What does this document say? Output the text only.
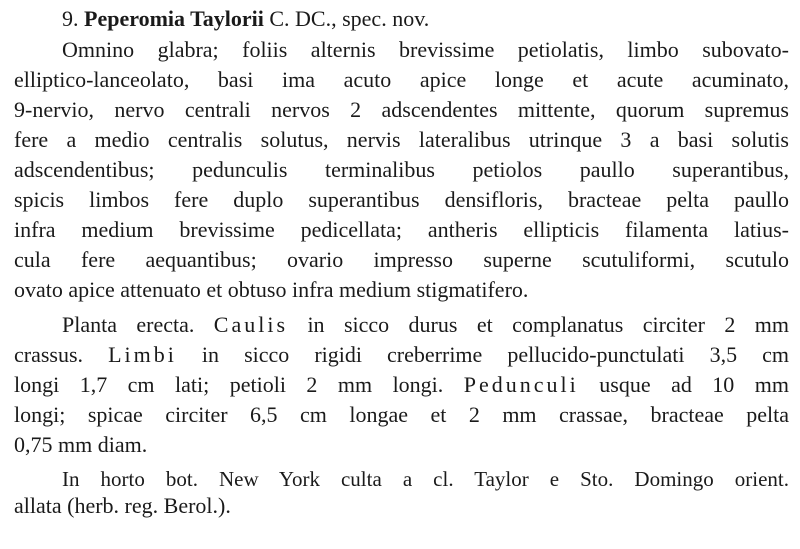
9. Peperomia Taylorii C. DC., spec. nov.
Omnino glabra; foliis alternis brevissime petiolatis, limbo subovato-
elliptico-lanceolato, basi ima acuto apice longe et acute acuminato,
9-nervio, nervo centrali nervos 2 adscendentes mittente, quorum supremus
fere a medio centralis solutus, nervis lateralibus utrinque 3 a basi solutis
adscendentibus; pedunculis terminalibus petiolos paullo superantibus,
spicis limbos fere duplo superantibus densifloris, bracteae pelta paullo
infra medium brevissime pedicellata; antheris ellipticis filamenta latius-
cula fere aequantibus; ovario impresso superne scutuliformi, scutulo
ovato apice attenuato et obtuso infra medium stigmatifero.
Planta erecta. Caulis in sicco durus et complanatus circiter 2 mm
crassus. Limbi in sicco rigidi creberrime pellucido-punctulati 3,5 cm
longi 1,7 cm lati; petioli 2 mm longi. Pedunculi usque ad 10 mm
longi; spicae circiter 6,5 cm longae et 2 mm crassae, bracteae pelta
0,75 mm diam.
In horto bot. New York culta a cl. Taylor e Sto. Domingo orient.
allata (herb. reg. Berol.).
